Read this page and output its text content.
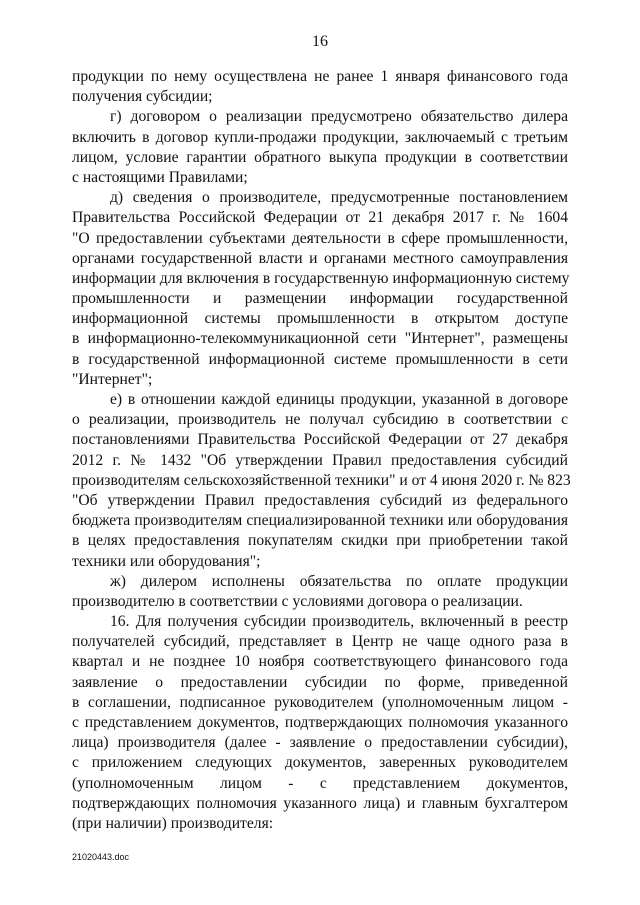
16
продукции по нему осуществлена не ранее 1 января финансового года
получения субсидии;
г) договором о реализации предусмотрено обязательство дилера
включить в договор купли-продажи продукции, заключаемый с третьим
лицом, условие гарантии обратного выкупа продукции в соответствии
с настоящими Правилами;
д) сведения о производителе, предусмотренные постановлением
Правительства Российской Федерации от 21 декабря 2017 г. № 1604
"О предоставлении субъектами деятельности в сфере промышленности,
органами государственной власти и органами местного самоуправления
информации для включения в государственную информационную систему
промышленности и размещении информации государственной
информационной системы промышленности в открытом доступе
в информационно-телекоммуникационной сети "Интернет", размещены
в государственной информационной системе промышленности в сети
"Интернет";
е) в отношении каждой единицы продукции, указанной в договоре
о реализации, производитель не получал субсидию в соответствии с
постановлениями Правительства Российской Федерации от 27 декабря
2012 г. № 1432 "Об утверждении Правил предоставления субсидий
производителям сельскохозяйственной техники" и от 4 июня 2020 г. № 823
"Об утверждении Правил предоставления субсидий из федерального
бюджета производителям специализированной техники или оборудования
в целях предоставления покупателям скидки при приобретении такой
техники или оборудования";
ж) дилером исполнены обязательства по оплате продукции
производителю в соответствии с условиями договора о реализации.
16. Для получения субсидии производитель, включенный в реестр
получателей субсидий, представляет в Центр не чаще одного раза в
квартал и не позднее 10 ноября соответствующего финансового года
заявление о предоставлении субсидии по форме, приведенной
в соглашении, подписанное руководителем (уполномоченным лицом -
с представлением документов, подтверждающих полномочия указанного
лица) производителя (далее - заявление о предоставлении субсидии),
с приложением следующих документов, заверенных руководителем
(уполномоченным лицом - с представлением документов,
подтверждающих полномочия указанного лица) и главным бухгалтером
(при наличии) производителя:
21020443.doc
